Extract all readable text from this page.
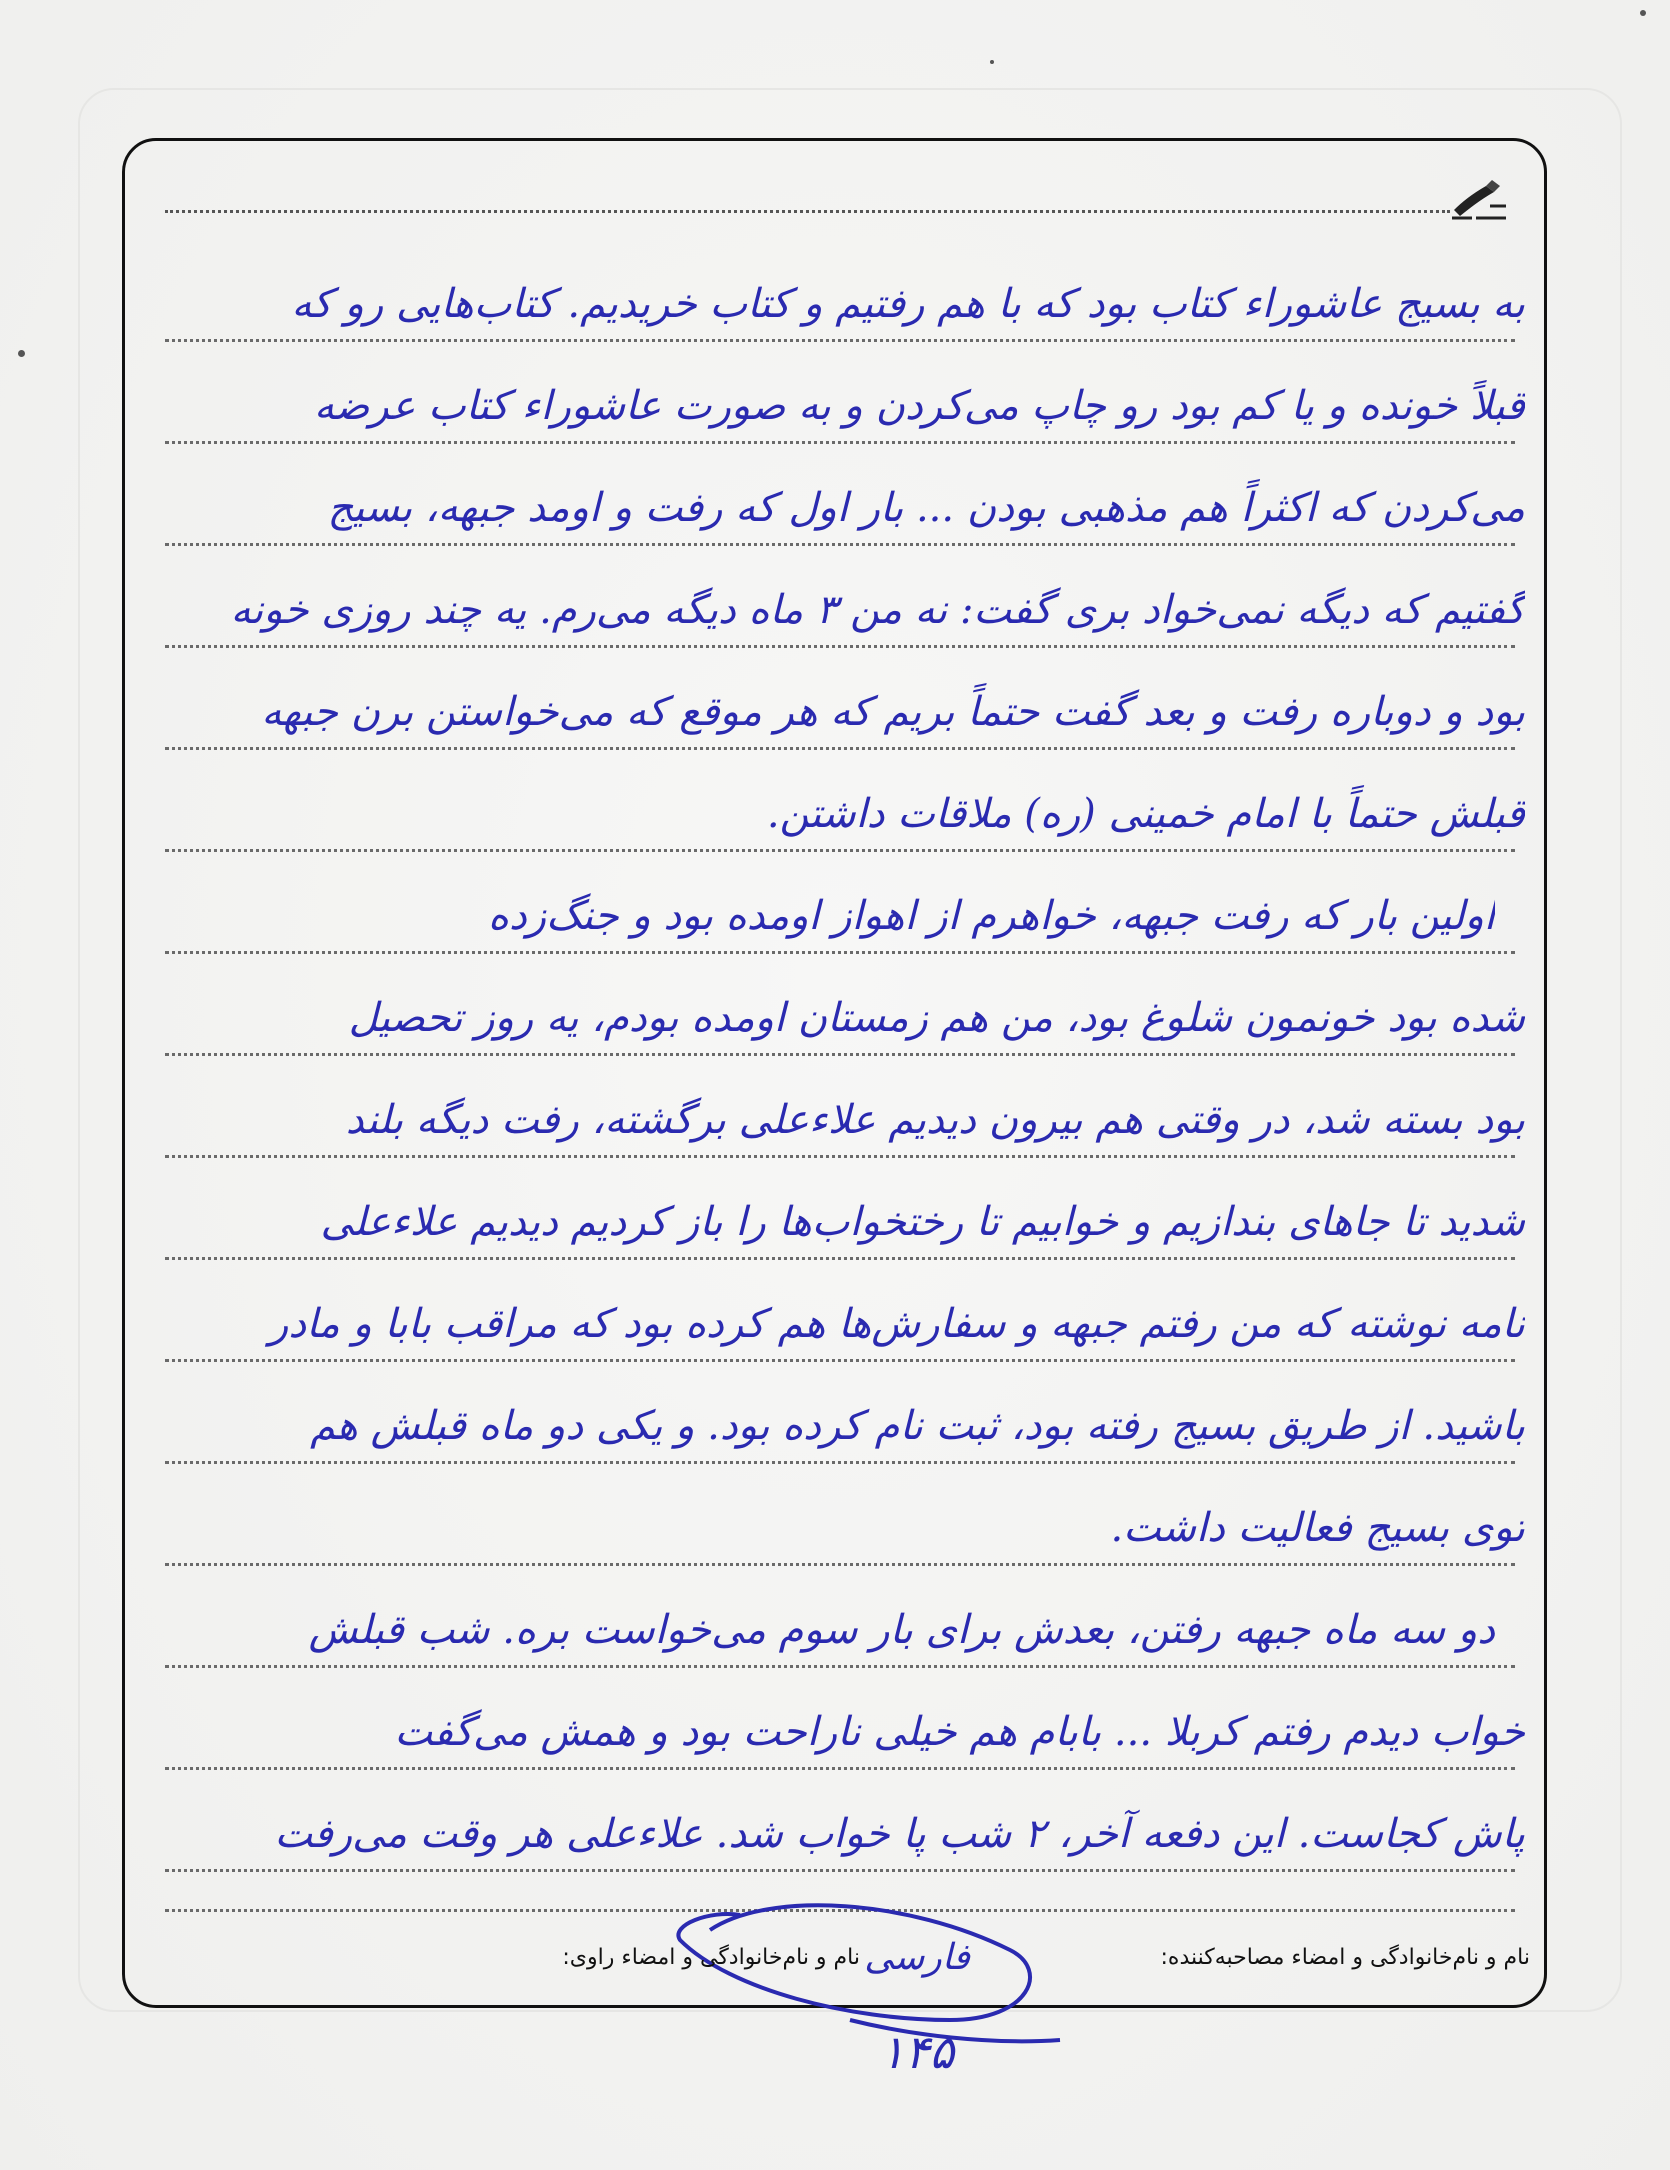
به بسیج عاشوراء کتاب بود که با هم رفتیم و کتاب خریدیم. کتاب‌هایی رو که
قبلاً خونده و یا کم بود رو چاپ می‌کردن و به صورت عاشوراء کتاب عرضه
می‌کردن که اکثراً هم مذهبی بودن ... بار اول که رفت و اومد جبهه، بسیج
گفتیم که دیگه نمی‌خواد بری گفت: نه من ۳ ماه دیگه می‌رم. یه چند روزی خونه
بود و دوباره رفت و بعد گفت حتماً بریم که هر موقع که می‌خواستن برن جبهه
قبلش حتماً با امام خمینی (ره) ملاقات داشتن.
اولین بار که رفت جبهه، خواهرم از اهواز اومده بود و جنگ‌زده
شده بود خونمون شلوغ بود، من هم زمستان اومده بودم، یه روز تحصیل
بود بسته شد، در وقتی هم بیرون دیدیم علاءعلی برگشته، رفت دیگه بلند
شدید تا جاهای بندازیم و خوابیم تا رختخواب‌ها را باز کردیم دیدیم علاءعلی
نامه نوشته که من رفتم جبهه و سفارش‌ها هم کرده بود که مراقب بابا و مادر
باشید. از طریق بسیج رفته بود، ثبت نام کرده بود. و یکی دو ماه قبلش هم
توی بسیج فعالیت داشت.
دو سه ماه جبهه رفتن، بعدش برای بار سوم می‌خواست بره. شب قبلش
خواب دیدم رفتم کربلا ... بابام هم خیلی ناراحت بود و همش می‌گفت
پاش کجاست. این دفعه آخر، ۲ شب پا خواب شد. علاءعلی هر وقت می‌رفت
نام و نام‌خانوادگی و امضاء مصاحبه‌کننده:
فارسی
نام و نام‌خانوادگی و امضاء راوی:
۱۴۵
